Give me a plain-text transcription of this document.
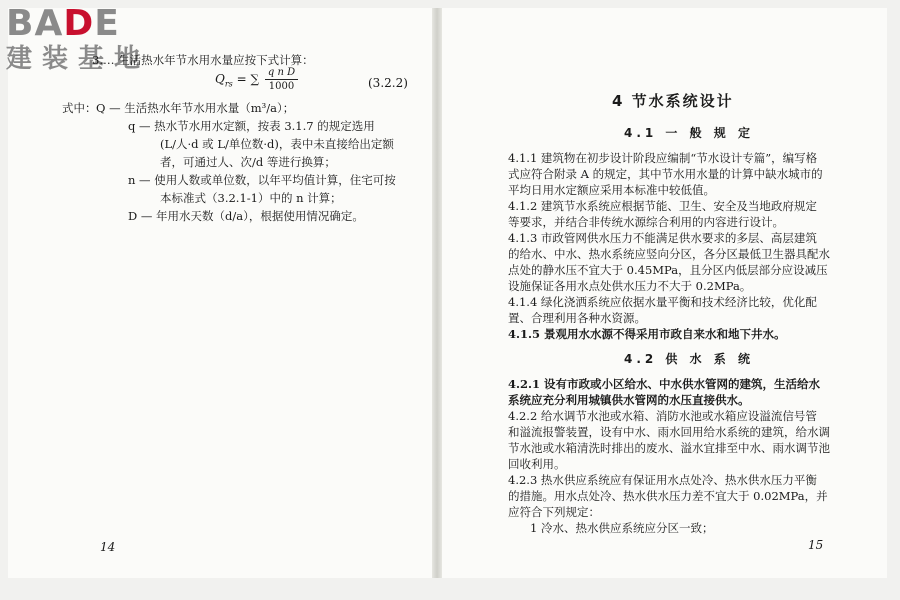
BADE
建装基地
3.… 生活热水年节水用水量应按下式计算：
$Q_{rs}$ = ∑ $\frac{\text{q n D}}{1000}$	(3.2.2)
式中： Q — 生活热水年节水用水量（m³/a）；
q — 热水节水用水定额，按表 3.1.7 的规定选用
(L/人·d 或 L/单位数·d)，表中未直接给出定额
者，可通过人、次/d 等进行换算；
n — 使用人数或单位数，以年平均值计算，住宅可按
本标准式（3.2.1-1）中的 n 计算；
D — 年用水天数（d/a），根据使用情况确定。
14
4 节水系统设计
4.1 一 般 规 定
4.1.1 建筑物在初步设计阶段应编制“节水设计专篇”，编写格
式应符合附录 A 的规定，其中节水用水量的计算中缺水城市的
平均日用水定额应采用本标准中较低值。
4.1.2 建筑节水系统应根据节能、卫生、安全及当地政府规定
等要求，并结合非传统水源综合利用的内容进行设计。
4.1.3 市政管网供水压力不能满足供水要求的多层、高层建筑
的给水、中水、热水系统应竖向分区，各分区最低卫生器具配水
点处的静水压不宜大于 0.45MPa，且分区内低层部分应设减压
设施保证各用水点处供水压力不大于 0.2MPa。
4.1.4 绿化浇洒系统应依据水量平衡和技术经济比较，优化配
置、合理利用各种水资源。
4.1.5 景观用水水源不得采用市政自来水和地下井水。
4.2 供 水 系 统
4.2.1 设有市政或小区给水、中水供水管网的建筑，生活给水
系统应充分利用城镇供水管网的水压直接供水。
4.2.2 给水调节水池或水箱、消防水池或水箱应设溢流信号管
和溢流报警装置，设有中水、雨水回用给水系统的建筑，给水调
节水池或水箱清洗时排出的废水、溢水宜排至中水、雨水调节池
回收利用。
4.2.3 热水供应系统应有保证用水点处冷、热水供水压力平衡
的措施。用水点处冷、热水供水压力差不宜大于 0.02MPa，并
应符合下列规定：
1 冷水、热水供应系统应分区一致；
15
